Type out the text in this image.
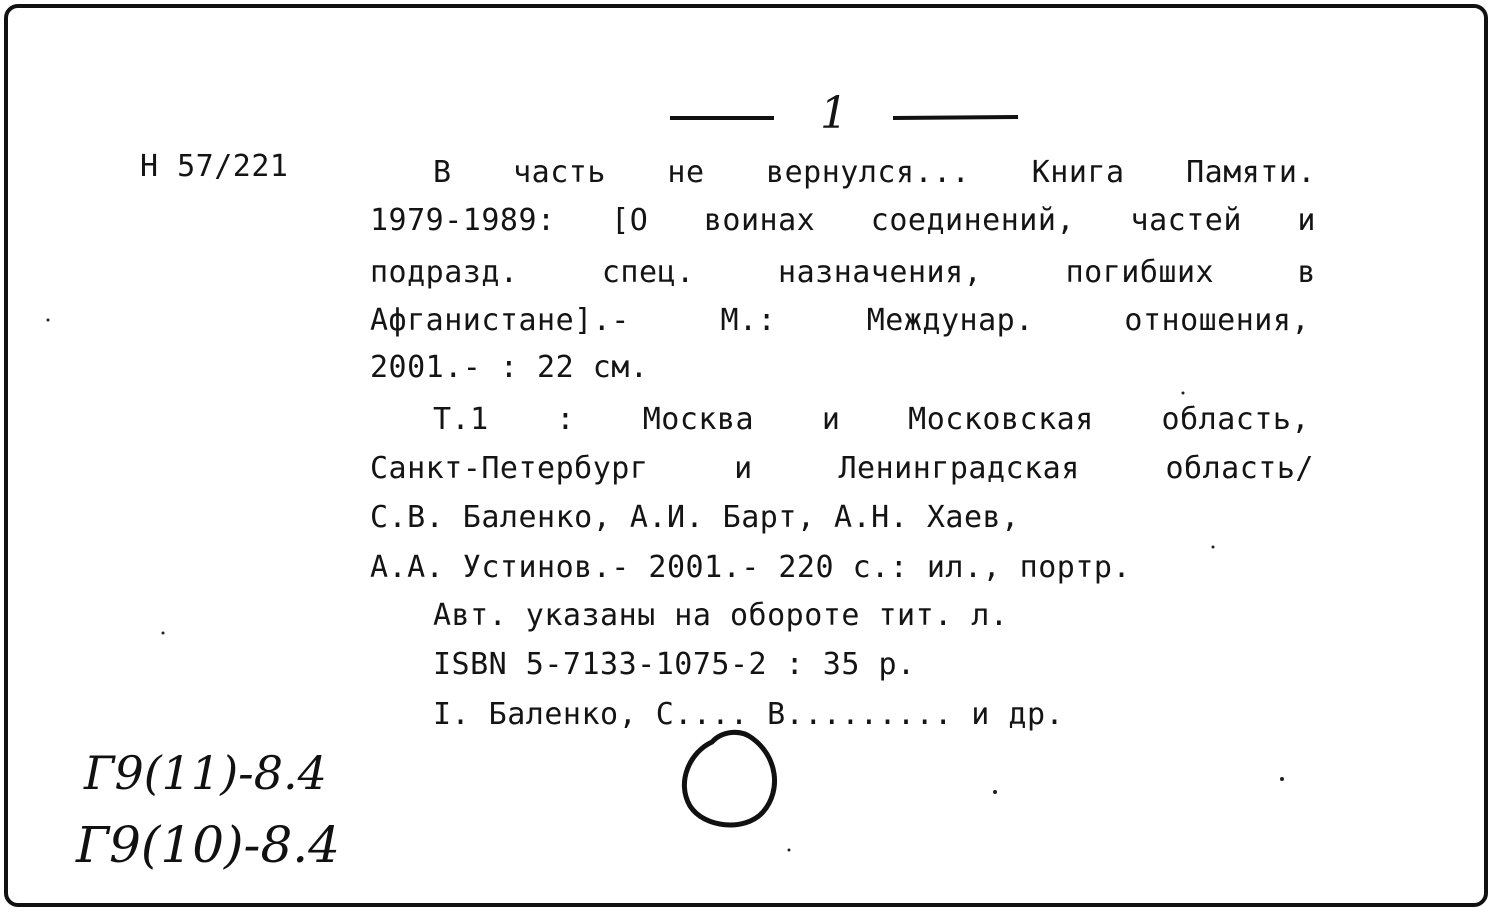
1
Н 57/221	В часть не вернулся... Книга Памяти.
1979-1989: [О воинах соединений, частей и
подразд. спец. назначения, погибших в
Афганистане].- М.: Междунар. отношения,
2001.- : 22 см.
Т.1 : Москва и Московская область,
Санкт-Петербург и Ленинградская область/
С.В. Баленко, А.И. Барт, А.Н. Хаев,
А.А. Устинов.- 2001.- 220 с.: ил., портр.
Авт. указаны на обороте тит. л.
ISBN 5-7133-1075-2 : 35 р.
I. Баленко, С.... В......... и др.
Г9(11)-8.4
Г9(10)-8.4
